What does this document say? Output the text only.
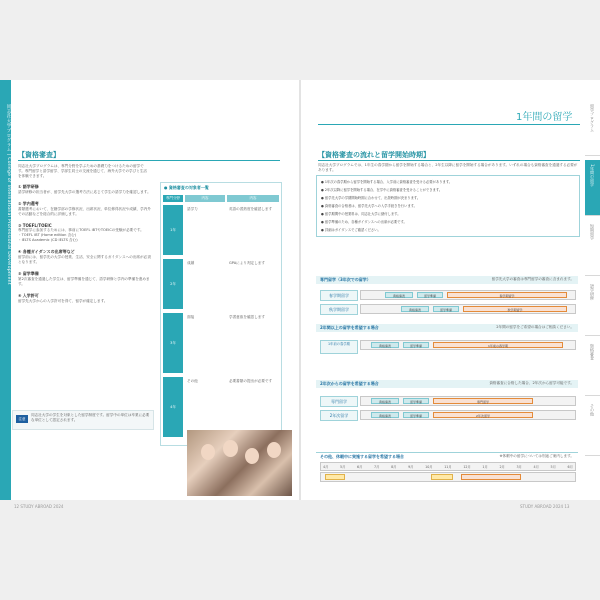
同志社大学プログラム | College of International Professional Development 【資格審査】
同志社大学プログラムは、専門分野を学ぶための基礎力をつけるための留学です。専門留学と語学留学、学部生同士の交流を通じて、海外大学での学びと生活を体験できます。
① 語学研修
語学研修の担当者が、留学先大学の選考方法に応じて学生の語学力を確認します。
② 学内選考
書類選考において、在籍学部の学修状況、出席状況、単位修得状況や成績、学内外での活動などを総合的に評価します。
③ TOEFL/TOEIC
専門留学に参加するためには、事前にTOEFL iBTやTOEICの受験が必要です。
・TOEFL iBT (Home edition 含む)
・IELTS Academic (CD IELTS 含む)
④ 各種ガイダンスの出席等など
留学前には、留学先の大学の授業、生活、安全に関するガイダンスへの出席が必須となります。
⑤ 留学準備
第2次審査を通過した学生は、留学準備を通じて、語学研修と学内の準備を進めます。
⑥ 入学許可
留学先大学からの入学許可を得て、留学が確定します。
● 資格審査の対象者一覧
専門分野	内容	内容
1年
語学力	英語の習熟度を確認します
2年
成績	GPAにより判定します
3年
面接	学習意欲を確認します
4年
その他	必要書類の提出が必要です
注意
同志社大学の学生を対象とした留学制度です。留学中の単位は卒業に必要な単位として認定されます。
12 STUDY ABROAD 2024
1年間の留学
【資格審査の流れと留学開始時期】
同志社大学プログラムでは、1年生の春学期から留学を開始する場合と、2年生以降に留学を開始する場合があります。いずれの場合も資格審査を通過する必要があります。
● 1年次の春学期から留学を開始する場合、入学前に資格審査を受ける必要があります。
● 2年次以降に留学を開始する場合、在学中に資格審査を受けることができます。
● 留学先大学の学期開始時期に合わせて、出発時期が決まります。
● 資格審査の合格者は、留学先大学への入学手続きを行います。
● 留学期間中の授業料は、同志社大学に納付します。
● 留学準備のため、各種ガイダンスへの出席が必要です。
● 詳細はガイダンスでご確認ください。
専門留学（3年次での留学）	留学先大学の審査は専門留学の審査に含まれます。
春学期留学	資格審査	留学準備	春学期留学
秋学期留学	資格審査	留学準備	秋学期留学
2年間以上の留学を希望する場合	2年間の留学をご希望の場合はご相談ください。
1年前の春学期	資格審査	留学準備	1年前の春学期
2年次からの留学を希望する場合	資格審査に合格した場合、2年次から留学可能です。
専門留学	資格審査	留学準備	専門留学
2年次留学	資格審査	留学準備	2年次留学
その他、休暇中に実施する留学を希望する場合	※休暇中の留学については別途ご案内します。
4月	5月	6月	7月	8月	9月	10月	11月	12月	1月	2月	3月	4月	5月	6月
STUDY ABROAD 2024 13
留学プログラム
1年間の留学
短期留学
語学研修
資格審査
その他
